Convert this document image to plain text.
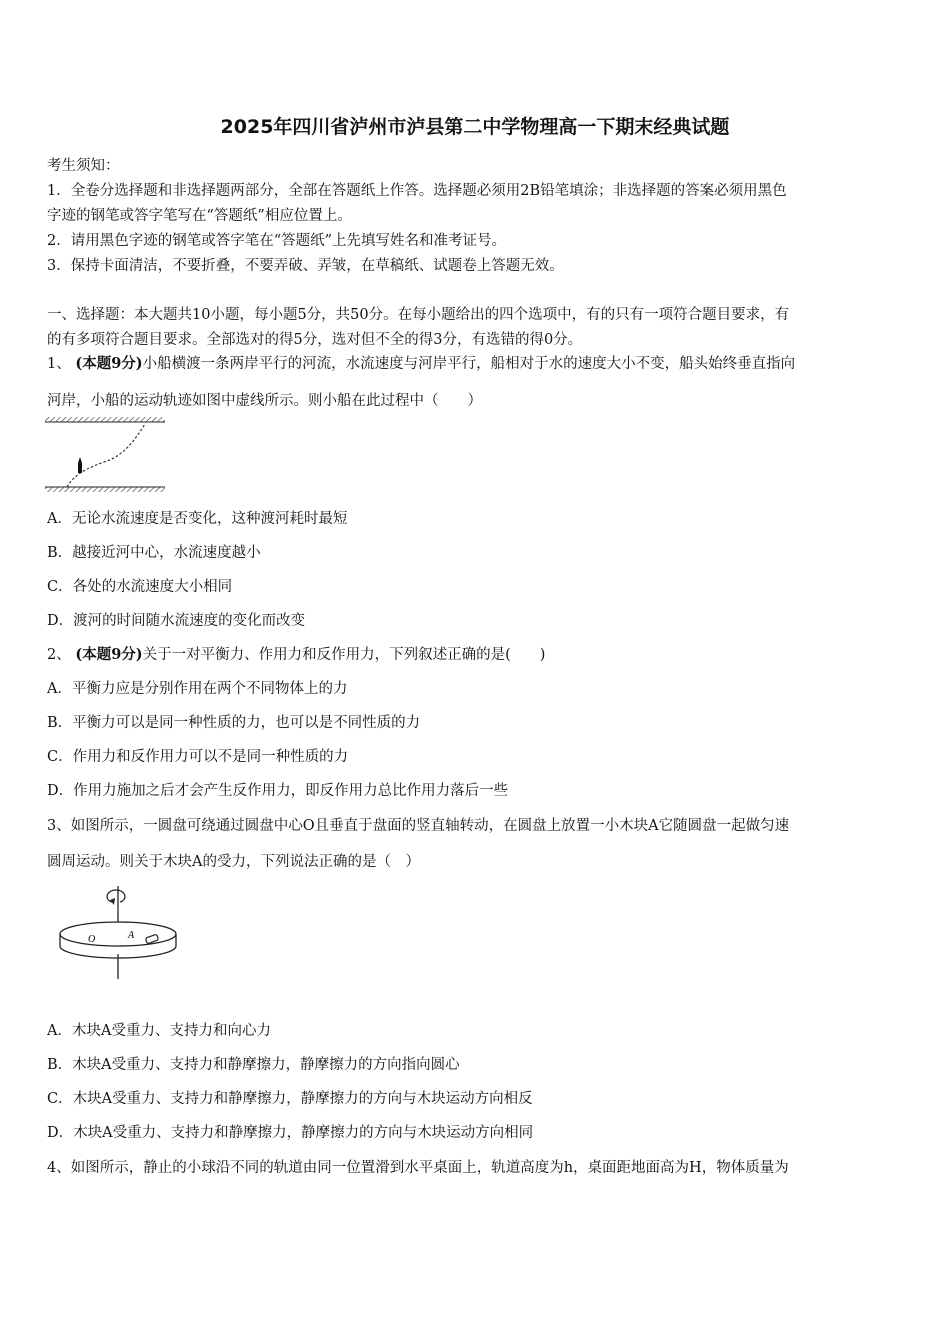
2025年四川省泸州市泸县第二中学物理高一下期末经典试题
考生须知：
1．全卷分选择题和非选择题两部分，全部在答题纸上作答。选择题必须用2B铅笔填涂；非选择题的答案必须用黑色
字迹的钢笔或答字笔写在“答题纸”相应位置上。
2．请用黑色字迹的钢笔或答字笔在“答题纸”上先填写姓名和准考证号。
3．保持卡面清洁，不要折叠，不要弄破、弄皱，在草稿纸、试题卷上答题无效。
一、选择题：本大题共10小题，每小题5分，共50分。在每小题给出的四个选项中，有的只有一项符合题目要求，有
的有多项符合题目要求。全部选对的得5分，选对但不全的得3分，有选错的得0分。
1、 (本题9分)小船横渡一条两岸平行的河流，水流速度与河岸平行，船相对于水的速度大小不变，船头始终垂直指向
河岸，小船的运动轨迹如图中虚线所示。则小船在此过程中（　　）
A．无论水流速度是否变化，这种渡河耗时最短
B．越接近河中心，水流速度越小
C．各处的水流速度大小相同
D．渡河的时间随水流速度的变化而改变
2、 (本题9分)关于一对平衡力、作用力和反作用力，下列叙述正确的是(　　)
A．平衡力应是分别作用在两个不同物体上的力
B．平衡力可以是同一种性质的力，也可以是不同性质的力
C．作用力和反作用力可以不是同一种性质的力
D．作用力施加之后才会产生反作用力，即反作用力总比作用力落后一些
3、如图所示，一圆盘可绕通过圆盘中心O且垂直于盘面的竖直轴转动，在圆盘上放置一小木块A它随圆盘一起做匀速
圆周运动。则关于木块A的受力，下列说法正确的是（　）
O	A
A．木块A受重力、支持力和向心力
B．木块A受重力、支持力和静摩擦力，静摩擦力的方向指向圆心
C．木块A受重力、支持力和静摩擦力，静摩擦力的方向与木块运动方向相反
D．木块A受重力、支持力和静摩擦力，静摩擦力的方向与木块运动方向相同
4、如图所示，静止的小球沿不同的轨道由同一位置滑到水平桌面上，轨道高度为h，桌面距地面高为H，物体质量为
